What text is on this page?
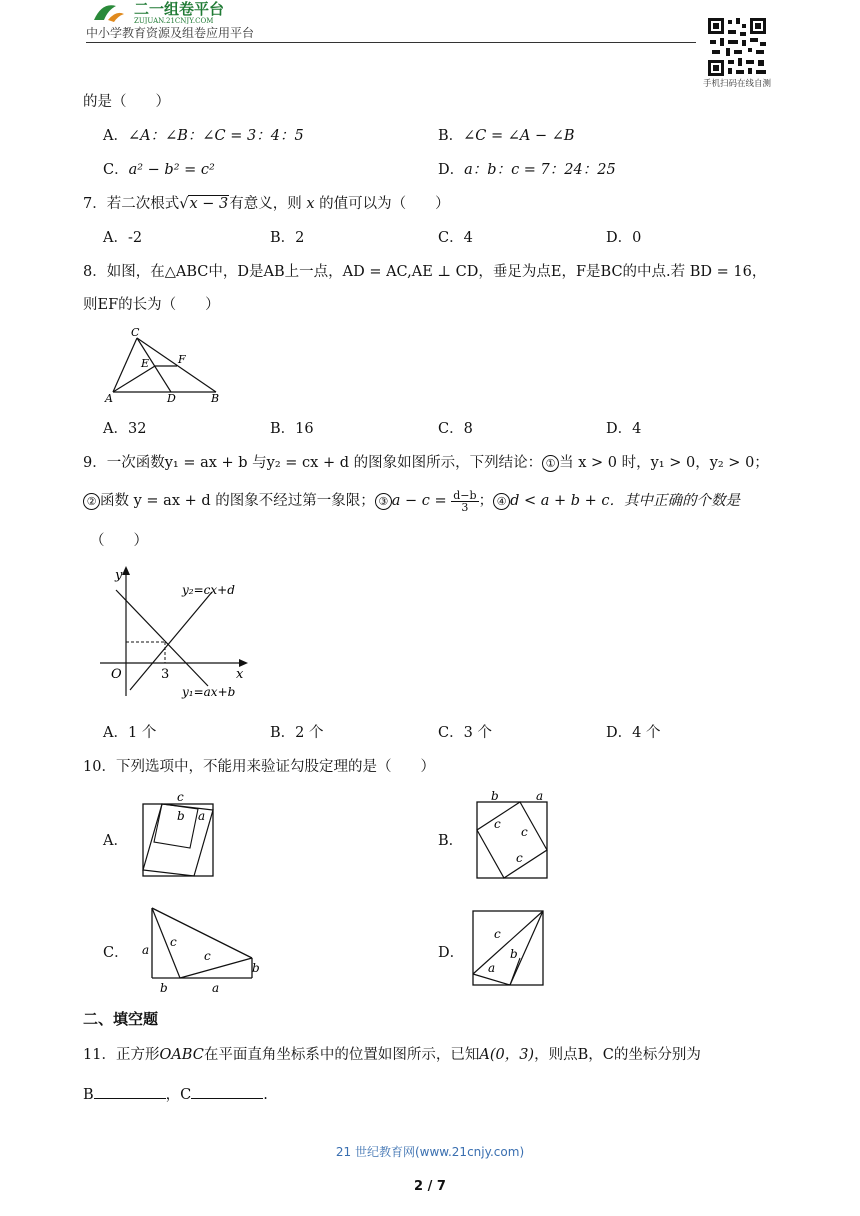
二一组卷平台
ZUJUAN.21CNJY.COM
中小学教育资源及组卷应用平台
手机扫码在线自测
的是（　　）
A．∠A：∠B：∠C = 3：4：5	B．∠C = ∠A − ∠B
C．a² − b² = c²	D．a：b：c = 7：24：25
7．若二次根式√x − 3有意义，则 x 的值可以为（　　）
A．-2	B．2	C．4	D．0
8．如图，在△ABC中，D是AB上一点，AD = AC,AE ⊥ CD，垂足为点E，F是BC的中点.若 BD = 16，
则EF的长为（　　）
C
E	F
A	D	B
A．32	B．16	C．8	D．4
9．一次函数y₁ = ax + b 与y₂ = cx + d 的图象如图所示，下列结论： ① 当 x > 0 时，y₁ > 0，y₂ > 0；
② 函数 y = ax + d 的图象不经过第一象限； ③ $a - c = \frac{d-b}{3}$ ； ④ d < a + b + c．其中正确的个数是
（　　）
y
x
O	3
y₂=cx+d
y₁=ax+b
A．1 个	B．2 个	C．3 个	D．4 个
10．下列选项中，不能用来验证勾股定理的是（　　）
A．
c
b a
B．
b	a
c
c
c
C． a
c
c
b
b	a
D．
c
b
a
二、填空题
11．正方形OABC在平面直角坐标系中的位置如图所示，已知A(0，3)，则点B，C的坐标分别为
B	，C	.
21 世纪教育网(www.21cnjy.com)
2 / 7
